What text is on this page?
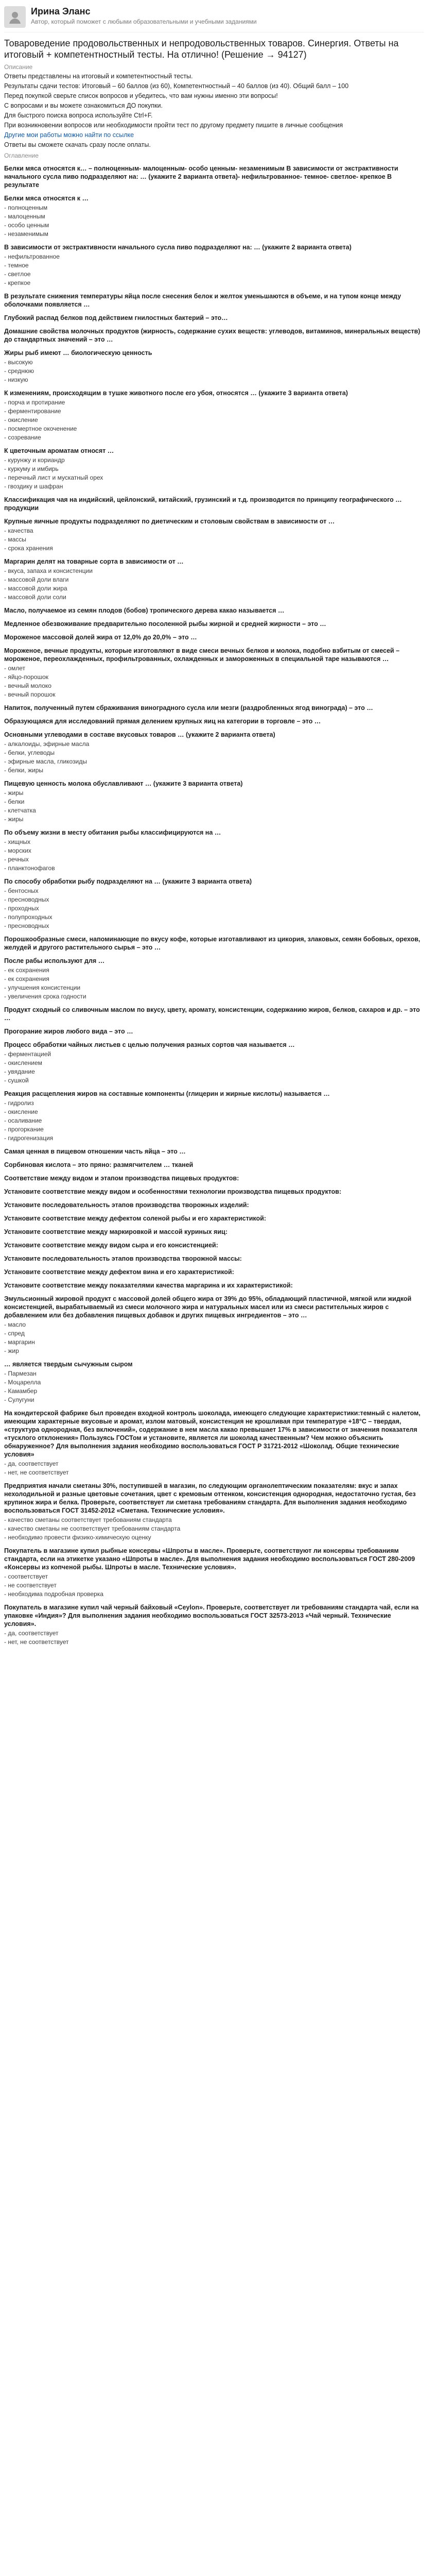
Ирина Эланс
Автор, который поможет с любыми образовательными и учебными заданиями
Товароведение продовольственных и непродовольственных товаров. Синергия. Ответы на итоговый + компетентностный тесты. На отлично! (Решение → 94127)
Описание
Ответы представлены на итоговый и компетентностный тесты.
Результаты сдачи тестов: Итоговый – 60 баллов (из 60), Компетентностный – 40 баллов (из 40). Общий балл – 100
Перед покупкой сверьте список вопросов и убедитесь, что вам нужны именно эти вопросы!
С вопросами и вы можете ознакомиться ДО покупки.
Для быстрого поиска вопроса используйте Ctrl+F.
При возникновении вопросов или необходимости пройти тест по другому предмету пишите в личные сообщения
Другие мои работы можно найти по ссылке
Ответы вы сможете скачать сразу после оплаты.
Оглавление
Белки мяса относятся к… – полноценным- малоценным- особо ценным- незаменимым В зависимости от экстрактивности начального сусла пиво подразделяют на: … (укажите 2 варианта ответа)- нефильтрованное- темное- светлое- крепкое В результате
Белки мяса относятся к …
- полноценным
- малоценным
- особо ценным
- незаменимым
В зависимости от экстрактивности начального сусла пиво подразделяют на: … (укажите 2 варианта ответа)
- нефильтрованное
- темное
- светлое
- крепкое
В результате снижения температуры яйца после снесения белок и желток уменьшаются в объеме, и на тупом конце между оболочками появляется …
Глубокий распад белков под действием гнилостных бактерий – это…
Домашние свойства молочных продуктов (жирность, содержание сухих веществ: углеводов, витаминов, минеральных веществ) до стандартных значений – это …
Жиры рыб имеют … биологическую ценность
- высокую
- среднюю
- низкую
К изменениям, происходящим в тушке животного после его убоя, относятся … (укажите 3 варианта ответа)
- порча и протирание
- ферментирование
- окисление
- посмертное окоченение
- созревание
К цветочным ароматам относят …
- курунжу и кориандр
- куркуму и имбирь
- перечный лист и мускатный орех
- гвоздику и шафран
Классификация чая на индийский, цейлонский, китайский, грузинский и т.д. производится по принципу географического … продукции
Крупные яичные продукты подразделяют по диетическим и столовым свойствам в зависимости от …
- качества
- массы
- срока хранения
Маргарин делят на товарные сорта в зависимости от …
- вкуса, запаха и консистенции
- массовой доли влаги
- массовой доли жира
- массовой доли соли
Масло, получаемое из семян плодов (бобов) тропического дерева какао называется …
Медленное обезвоживание предварительно посоленной рыбы жирной и средней жирности – это …
Мороженое массовой долей жира от 12,0% до 20,0% – это …
Мороженое, вечные продукты, которые изготовляют в виде смеси вечных белков и молока, подобно взбитым от смесей – мороженое, переохлажденных, профильтрованных, охлажденных и замороженных в специальной таре называются …
- омлет
- яйцо-порошок
- вечный молоко
- вечный порошок
Напиток, полученный путем сбраживания виноградного сусла или мезги (раздробленных ягод винограда) – это …
Образующаяся для исследований прямая делением крупных яиц на категории в торговле – это …
Основными углеводами в составе вкусовых товаров … (укажите 2 варианта ответа)
- алкалоиды, эфирные масла
- белки, углеводы
- эфирные масла, гликозиды
- белки, жиры
Пищевую ценность молока обуславливают … (укажите 3 варианта ответа)
- жиры
- белки
- клетчатка
- жиры
По объему жизни в месту обитания рыбы классифицируются на …
- хищных
- морских
- речных
- планктонофагов
По способу обработки рыбу подразделяют на … (укажите 3 варианта ответа)
- бентосных
- пресноводных
- проходных
- полупроходных
- пресноводных
Порошкообразные смеси, напоминающие по вкусу кофе, которые изготавливают из цикория, злаковых, семян бобовых, орехов, желудей и другого растительного сырья – это …
После рабы используют для …
- ек сохранения
- ек сохранения
- улучшения консистенции
- увеличения срока годности
Продукт сходный со сливочным маслом по вкусу, цвету, аромату, консистенции, содержанию жиров, белков, сахаров и др. – это …
Прогорание жиров любого вида – это …
Процесс обработки чайных листьев с целью получения разных сортов чая называется …
- ферментацией
- окислением
- увядание
- сушкой
Реакция расщепления жиров на составные компоненты (глицерин и жирные кислоты) называется …
- гидролиз
- окисление
- осаливание
- прогоркание
- гидрогенизация
Самая ценная в пищевом отношении часть яйца – это …
Сорбиновая кислота – это пряно: размягчителем … тканей
Соответствие между видом и этапом производства пищевых продуктов:
Установите соответствие между видом и особенностями технологии производства пищевых продуктов:
Установите последовательность этапов производства творожных изделий:
Установите соответствие между дефектом соленой рыбы и его характеристикой:
Установите соответствие между маркировкой и массой куриных яиц:
Установите соответствие между видом сыра и его консистенцией:
Установите последовательность этапов производства творожной массы:
Установите соответствие между дефектом вина и его характеристикой:
Установите соответствие между показателями качества маргарина и их характеристикой:
Эмульсионный жировой продукт с массовой долей общего жира от 39% до 95%, обладающий пластичной, мягкой или жидкой консистенцией, вырабатываемый из смеси молочного жира и натуральных масел или из смеси растительных жиров с добавлением или без добавления пищевых добавок и других пищевых ингредиентов – это …
- масло
- спред
- маргарин
- жир
… является твердым сычужным сыром
- Пармезан
- Моцарелла
- Камамбер
- Сулугуни
На кондитерской фабрике был проведен входной контроль шоколада, имеющего следующие характеристики:темный с налетом, имеющим характерные вкусовые и аромат, излом матовый, консистенция не крошливая при температуре +18°С – твердая, «структура однородная, без включений», содержание в нем масла какао превышает 17% в зависимости от значения показателя «тусклого отклонения» Пользуясь ГОСТом и установите, является ли шоколад качественным? Чем можно объяснить обнаруженное? Для выполнения задания необходимо воспользоваться ГОСТ Р 31721-2012 «Шоколад. Общие технические условия»
- да, соответствует
- нет, не соответствует
Предприятия начали сметаны 30%, поступившей в магазин, по следующим органолептическим показателям: вкус и запах нехолодильной и разные цветовые сочетания, цвет с кремовым оттенком, консистенция однородная, недостаточно густая, без крупинок жира и белка. Проверьте, соответствует ли сметана требованиям стандарта. Для выполнения задания необходимо воспользоваться ГОСТ 31452-2012 «Сметана. Технические условия».
- качество сметаны соответствует требованиям стандарта
- качество сметаны не соответствует требованиям стандарта
- необходимо провести физико-химическую оценку
Покупатель в магазине купил рыбные консервы «Шпроты в масле». Проверьте, соответствуют ли консервы требованиям стандарта, если на этикетке указано «Шпроты в масле». Для выполнения задания необходимо воспользоваться ГОСТ 280-2009 «Консервы из копченой рыбы. Шпроты в масле. Технические условия».
- соответствует
- не соответствует
- необходима подробная проверка
Покупатель в магазине купил чай черный байховый «Ceylon». Проверьте, соответствует ли требованиям стандарта чай, если на упаковке «Индия»? Для выполнения задания необходимо воспользоваться ГОСТ 32573-2013 «Чай черный. Технические условия».
- да, соответствует
- нет, не соответствует
